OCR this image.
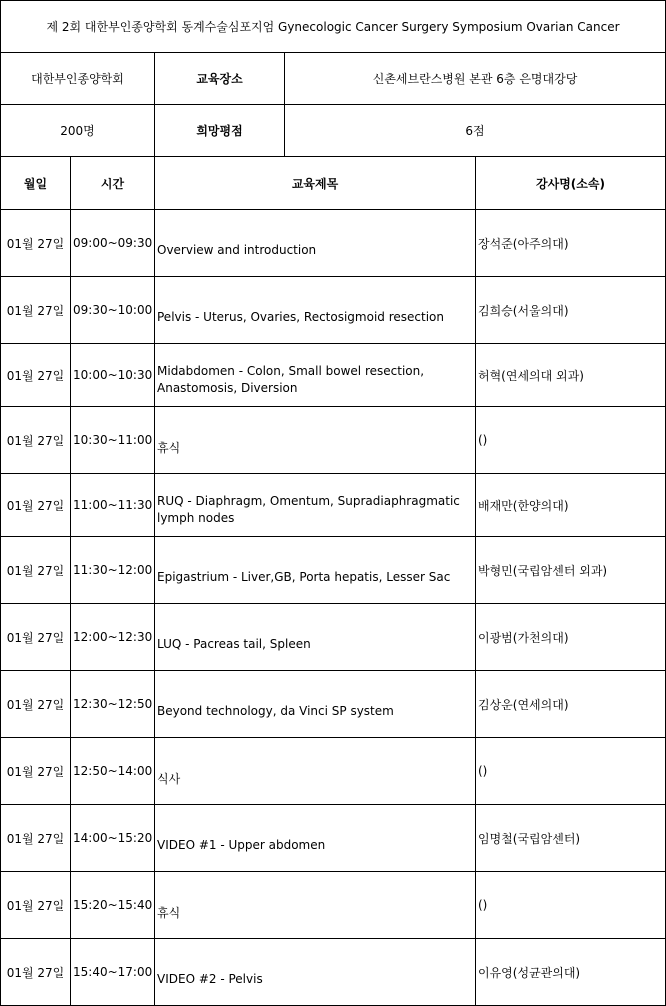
제 2회 대한부인종양학회 동계수술심포지엄 Gynecologic Cancer Surgery Symposium Ovarian Cancer		
대한부인종양학회	교육장소	신촌세브란스병원 본관 6층 은명대강당
200명	희망평점	6점
월일	시간	교육제목	강사명(소속)
01월 27일	09:00~09:30	Overview and introduction	장석준(아주의대)
01월 27일	09:30~10:00	Pelvis - Uterus, Ovaries, Rectosigmoid resection	김희승(서울의대)
01월 27일	10:00~10:30	Midabdomen - Colon, Small bowel resection, Anastomosis, Diversion	허혁(연세의대 외과)
01월 27일	10:30~11:00	휴식	()
01월 27일	11:00~11:30	RUQ - Diaphragm, Omentum, Supradiaphragmatic lymph nodes	배재만(한양의대)
01월 27일	11:30~12:00	Epigastrium - Liver,GB, Porta hepatis, Lesser Sac	박형민(국립암센터 외과)
01월 27일	12:00~12:30	LUQ - Pacreas tail, Spleen	이광범(가천의대)
01월 27일	12:30~12:50	Beyond technology, da Vinci SP system	김상운(연세의대)
01월 27일	12:50~14:00	식사	()
01월 27일	14:00~15:20	VIDEO #1 - Upper abdomen	임명철(국립암센터)
01월 27일	15:20~15:40	휴식	()
01월 27일	15:40~17:00	VIDEO #2 - Pelvis	이유영(성균관의대)
